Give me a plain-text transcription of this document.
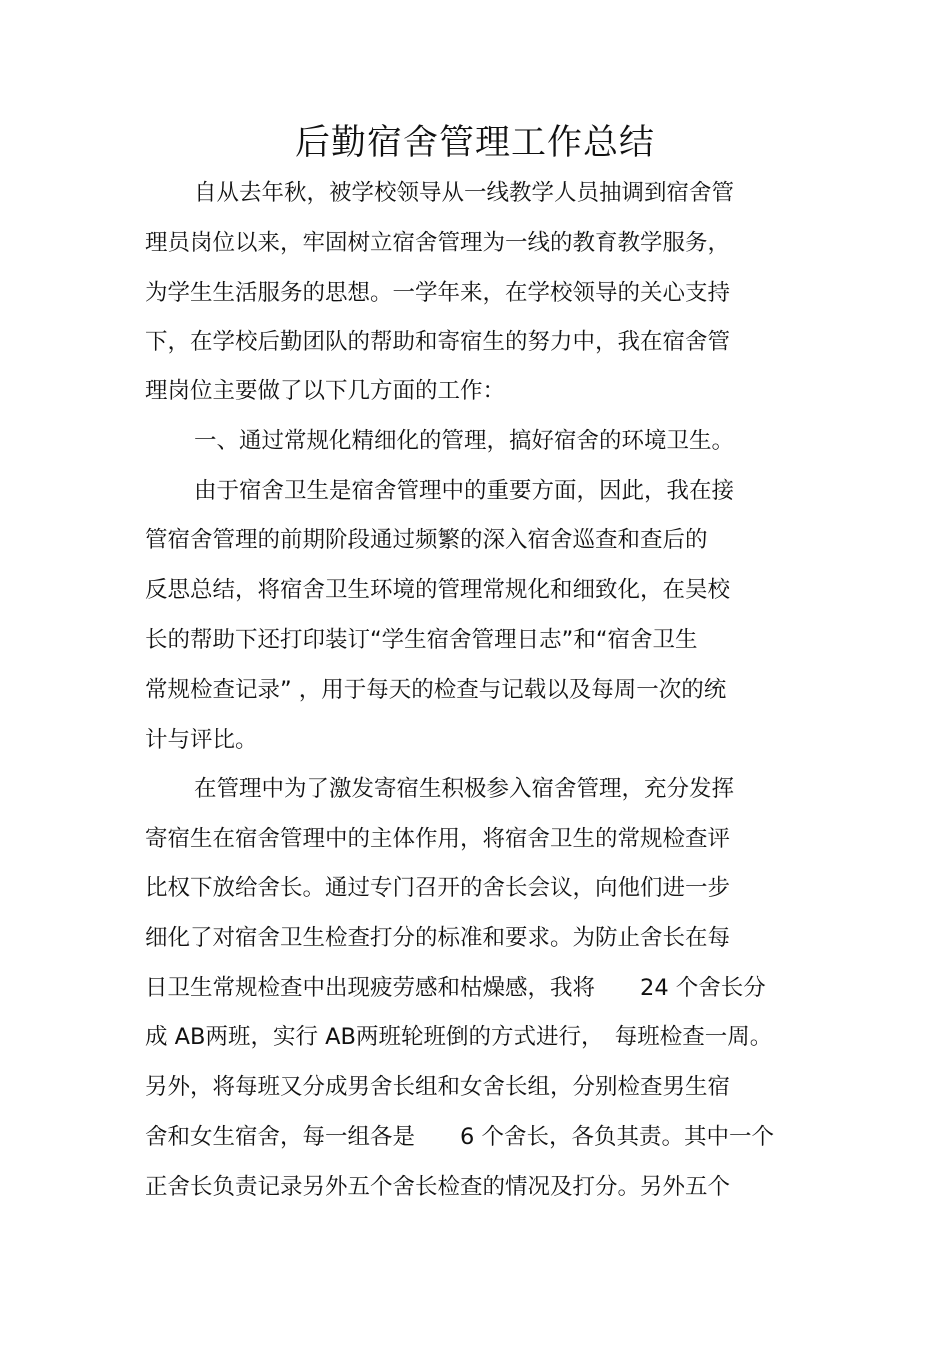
后勤宿舍管理工作总结
自从去年秋，被学校领导从一线教学人员抽调到宿舍管
理员岗位以来，牢固树立宿舍管理为一线的教育教学服务，
为学生生活服务的思想。一学年来，在学校领导的关心支持
下，在学校后勤团队的帮助和寄宿生的努力中，我在宿舍管
理岗位主要做了以下几方面的工作：
一、通过常规化精细化的管理，搞好宿舍的环境卫生。
由于宿舍卫生是宿舍管理中的重要方面，因此，我在接
管宿舍管理的前期阶段通过频繁的深入宿舍巡查和查后的
反思总结，将宿舍卫生环境的管理常规化和细致化，在吴校
长的帮助下还打印装订“学生宿舍管理日志”和“宿舍卫生
常规检查记录” ，用于每天的检查与记载以及每周一次的统
计与评比。
在管理中为了激发寄宿生积极参入宿舍管理，充分发挥
寄宿生在宿舍管理中的主体作用，将宿舍卫生的常规检查评
比权下放给舍长。通过专门召开的舍长会议，向他们进一步
细化了对宿舍卫生检查打分的标准和要求。为防止舍长在每
日卫生常规检查中出现疲劳感和枯燥感，我将　　24 个舍长分
成 AB两班，实行 AB两班轮班倒的方式进行，　每班检查一周。
另外，将每班又分成男舍长组和女舍长组，分别检查男生宿
舍和女生宿舍，每一组各是　　6 个舍长，各负其责。其中一个
正舍长负责记录另外五个舍长检查的情况及打分。另外五个
